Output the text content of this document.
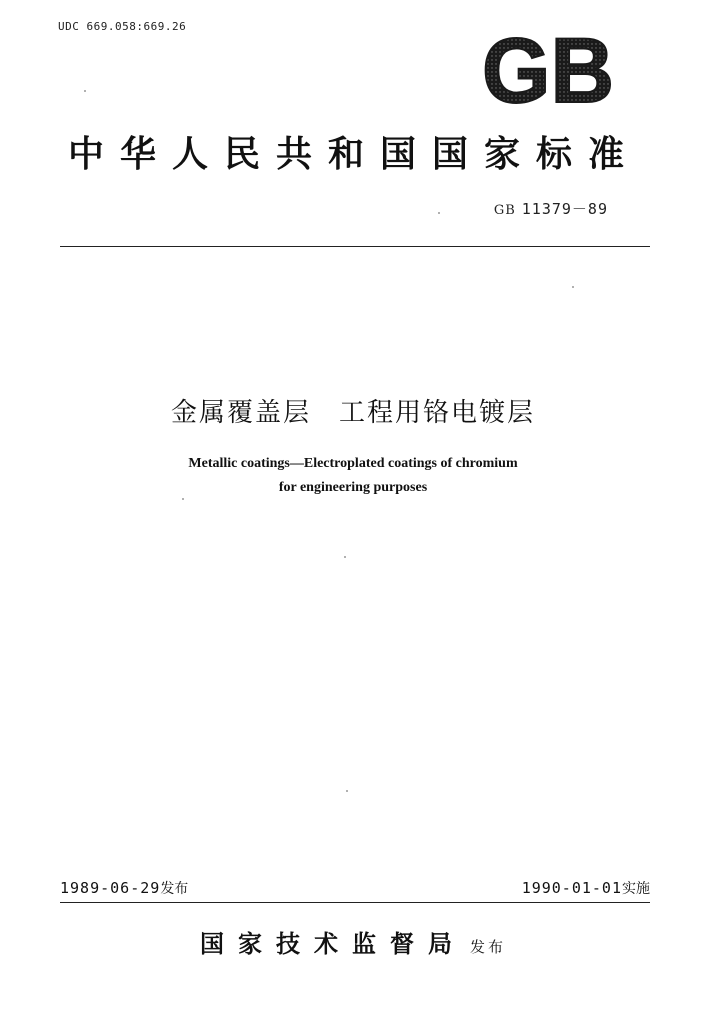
UDC 669.058:669.26	GB
中华人民共和国国家标准
GB 11379－89
金属覆盖层　工程用铬电镀层
Metallic coatings—Electroplated coatings of chromium
for engineering purposes
1989-06-29发布	1990-01-01实施
国家技术监督局 发布
